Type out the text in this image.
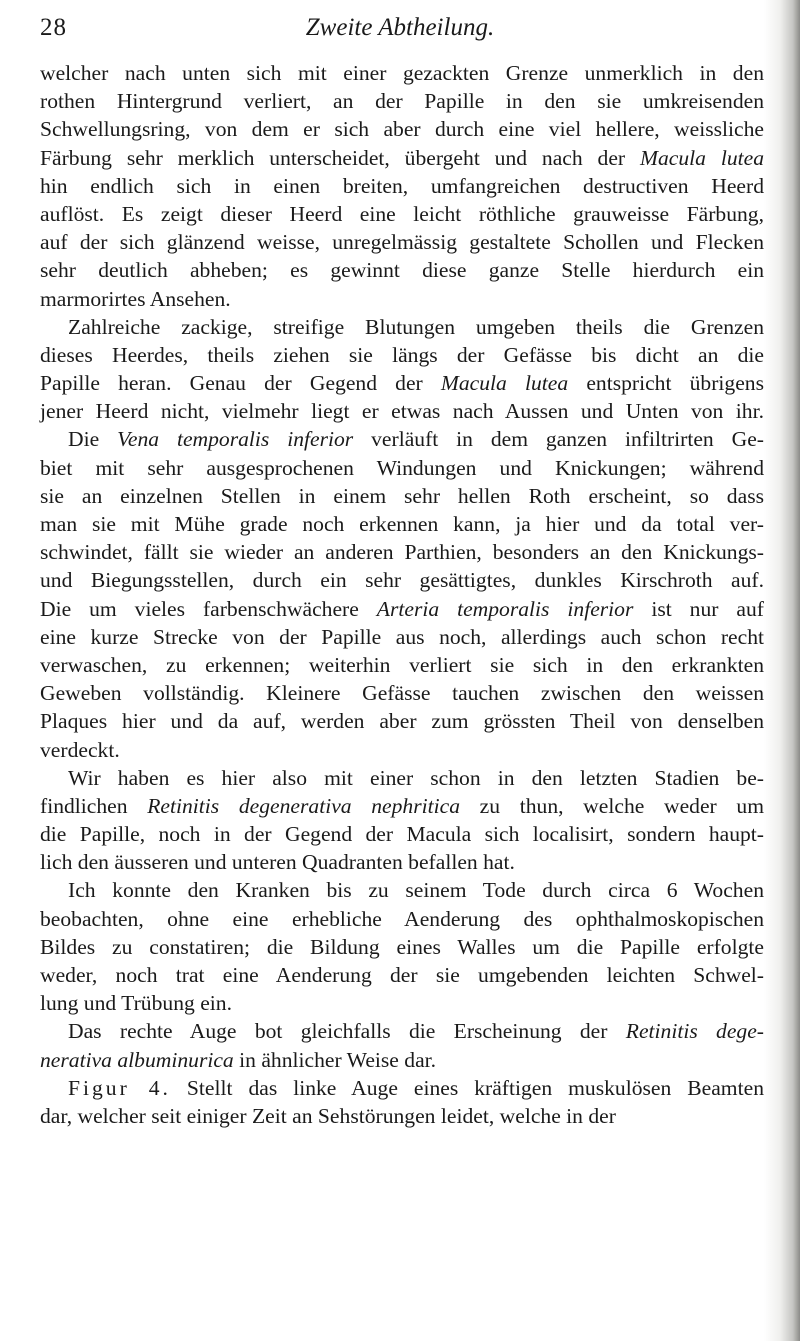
28	Zweite Abtheilung.
welcher nach unten sich mit einer gezackten Grenze unmerklich in den
rothen Hintergrund verliert, an der Papille in den sie umkreisenden
Schwellungsring, von dem er sich aber durch eine viel hellere, weissliche
Färbung sehr merklich unterscheidet, übergeht und nach der Macula lutea
hin endlich sich in einen breiten, umfangreichen destructiven Heerd
auflöst. Es zeigt dieser Heerd eine leicht röthliche grauweisse Färbung,
auf der sich glänzend weisse, unregelmässig gestaltete Schollen und Flecken
sehr deutlich abheben; es gewinnt diese ganze Stelle hierdurch ein
marmorirtes Ansehen.
Zahlreiche zackige, streifige Blutungen umgeben theils die Grenzen
dieses Heerdes, theils ziehen sie längs der Gefässe bis dicht an die
Papille heran. Genau der Gegend der Macula lutea entspricht übrigens
jener Heerd nicht, vielmehr liegt er etwas nach Aussen und Unten von ihr.
Die Vena temporalis inferior verläuft in dem ganzen infiltrirten Ge-
biet mit sehr ausgesprochenen Windungen und Knickungen; während
sie an einzelnen Stellen in einem sehr hellen Roth erscheint, so dass
man sie mit Mühe grade noch erkennen kann, ja hier und da total ver-
schwindet, fällt sie wieder an anderen Parthien, besonders an den Knickungs-
und Biegungsstellen, durch ein sehr gesättigtes, dunkles Kirschroth auf.
Die um vieles farbenschwächere Arteria temporalis inferior ist nur auf
eine kurze Strecke von der Papille aus noch, allerdings auch schon recht
verwaschen, zu erkennen; weiterhin verliert sie sich in den erkrankten
Geweben vollständig. Kleinere Gefässe tauchen zwischen den weissen
Plaques hier und da auf, werden aber zum grössten Theil von denselben
verdeckt.
Wir haben es hier also mit einer schon in den letzten Stadien be-
findlichen Retinitis degenerativa nephritica zu thun, welche weder um
die Papille, noch in der Gegend der Macula sich localisirt, sondern haupt-
lich den äusseren und unteren Quadranten befallen hat.
Ich konnte den Kranken bis zu seinem Tode durch circa 6 Wochen
beobachten, ohne eine erhebliche Aenderung des ophthalmoskopischen
Bildes zu constatiren; die Bildung eines Walles um die Papille erfolgte
weder, noch trat eine Aenderung der sie umgebenden leichten Schwel-
lung und Trübung ein.
Das rechte Auge bot gleichfalls die Erscheinung der Retinitis dege-
nerativa albuminurica in ähnlicher Weise dar.
Figur 4. Stellt das linke Auge eines kräftigen muskulösen Beamten
dar, welcher seit einiger Zeit an Sehstörungen leidet, welche in der
